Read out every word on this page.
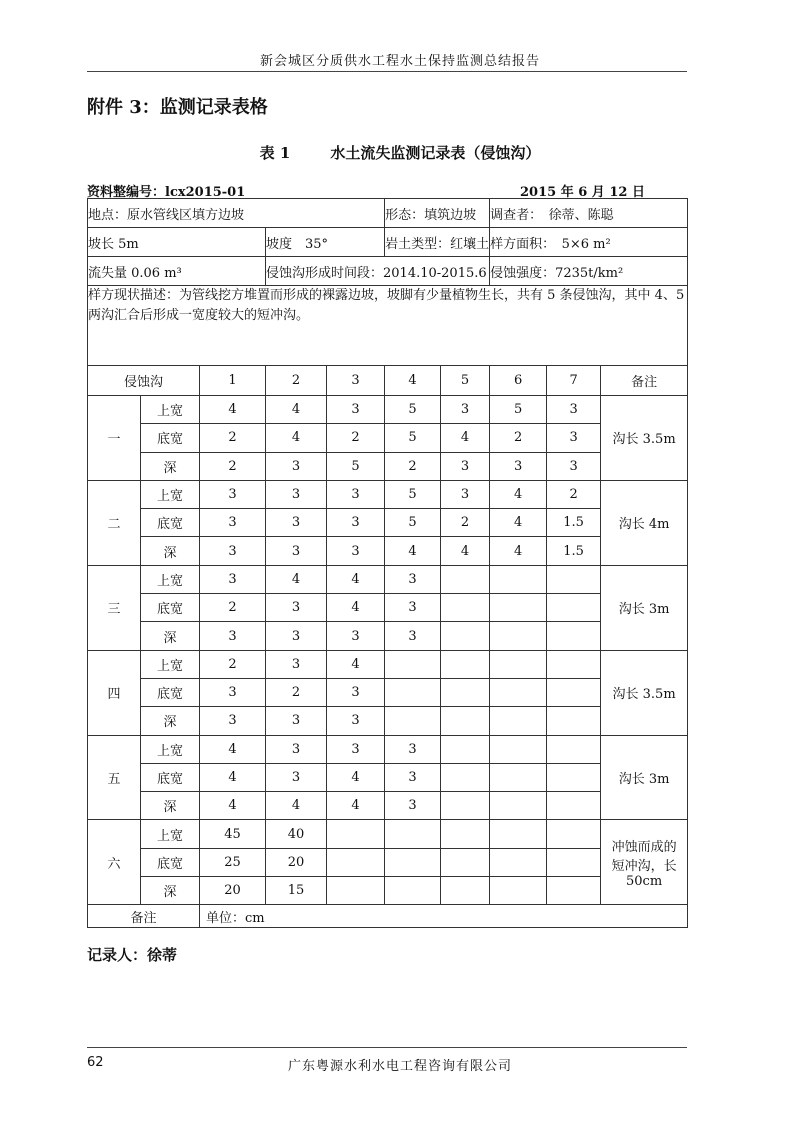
新会城区分质供水工程水土保持监测总结报告
附件 3：监测记录表格
表 1	水土流失监测记录表（侵蚀沟）
资料整编号：lcx2015-01	2015 年 6 月 12 日
地点：原水管线区填方边坡					形态：填筑边坡		调查者：　徐蒂、陈聪		
坡长 5m			坡度　35°		岩土类型：红壤土		样方面积：　5×6 m²		
流失量 0.06 m³			侵蚀沟形成时间段：2014.10-2015.6				侵蚀强度：7235t/km²		
样方现状描述：为管线挖方堆置而形成的裸露边坡，坡脚有少量植物生长，共有 5 条侵蚀沟，其中 4、5 两沟汇合后形成一宽度较大的短冲沟。									
侵蚀沟		1	2	3	4	5	6	7	备注
一	上宽	4	4	3	5	3	5	3	沟长 3.5m
	底宽	2	4	2	5	4	2	3	
	深	2	3	5	2	3	3	3	
二	上宽	3	3	3	5	3	4	2	沟长 4m
	底宽	3	3	3	5	2	4	1.5	
	深	3	3	3	4	4	4	1.5	
三	上宽	3	4	4	3				沟长 3m
	底宽	2	3	4	3				
	深	3	3	3	3				
四	上宽	2	3	4					沟长 3.5m
	底宽	3	2	3					
	深	3	3	3					
五	上宽	4	3	3	3				沟长 3m
	底宽	4	3	4	3				
	深	4	4	4	3				
六	上宽	45	40						冲蚀而成的短冲沟，长 50cm
	底宽	25	20						
	深	20	15						
备注		单位：cm							
记录人：徐蒂
62	广东粤源水利水电工程咨询有限公司
